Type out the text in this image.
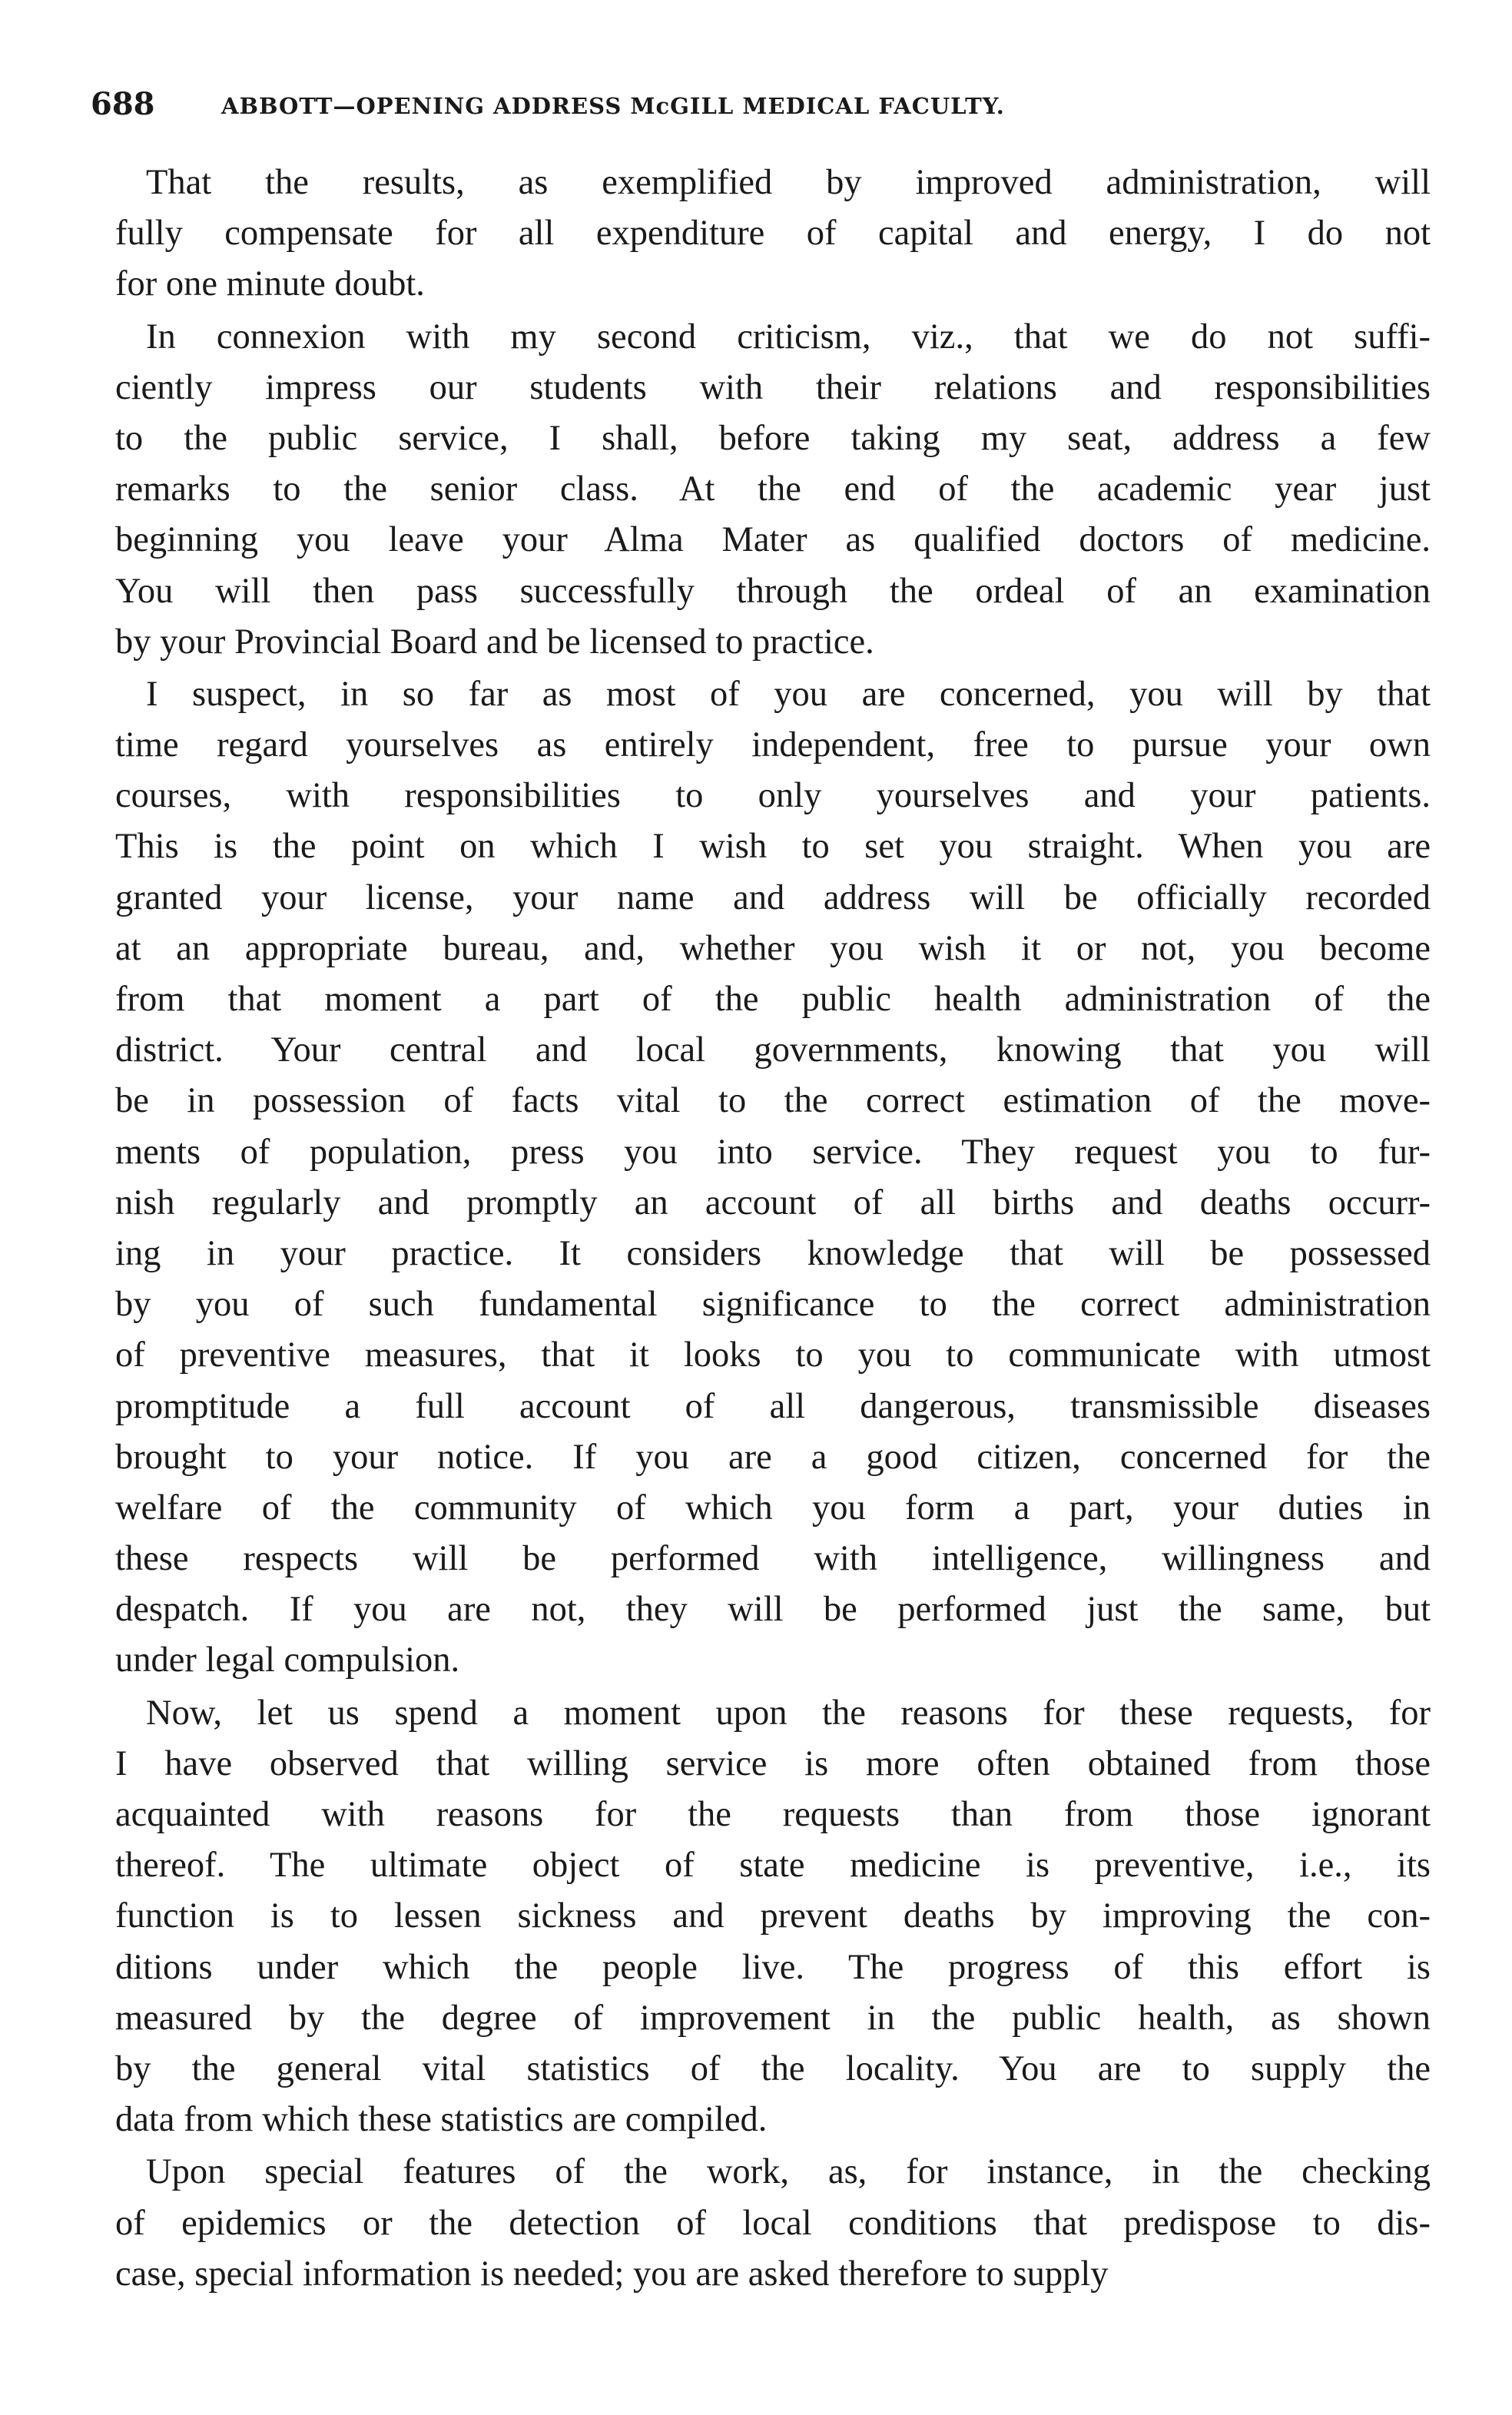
688	ABBOTT—OPENING ADDRESS McGILL MEDICAL FACULTY.
That the results, as exemplified by improved administration, will
fully compensate for all expenditure of capital and energy, I do not
for one minute doubt.
In connexion with my second criticism, viz., that we do not suffi-
ciently impress our students with their relations and responsibilities
to the public service, I shall, before taking my seat, address a few
remarks to the senior class. At the end of the academic year just
beginning you leave your Alma Mater as qualified doctors of medicine.
You will then pass successfully through the ordeal of an examination
by your Provincial Board and be licensed to practice.
I suspect, in so far as most of you are concerned, you will by that
time regard yourselves as entirely independent, free to pursue your own
courses, with responsibilities to only yourselves and your patients.
This is the point on which I wish to set you straight. When you are
granted your license, your name and address will be officially recorded
at an appropriate bureau, and, whether you wish it or not, you become
from that moment a part of the public health administration of the
district. Your central and local governments, knowing that you will
be in possession of facts vital to the correct estimation of the move-
ments of population, press you into service. They request you to fur-
nish regularly and promptly an account of all births and deaths occurr-
ing in your practice. It considers knowledge that will be possessed
by you of such fundamental significance to the correct administration
of preventive measures, that it looks to you to communicate with utmost
promptitude a full account of all dangerous, transmissible diseases
brought to your notice. If you are a good citizen, concerned for the
welfare of the community of which you form a part, your duties in
these respects will be performed with intelligence, willingness and
despatch. If you are not, they will be performed just the same, but
under legal compulsion.
Now, let us spend a moment upon the reasons for these requests, for
I have observed that willing service is more often obtained from those
acquainted with reasons for the requests than from those ignorant
thereof. The ultimate object of state medicine is preventive, i.e., its
function is to lessen sickness and prevent deaths by improving the con-
ditions under which the people live. The progress of this effort is
measured by the degree of improvement in the public health, as shown
by the general vital statistics of the locality. You are to supply the
data from which these statistics are compiled.
Upon special features of the work, as, for instance, in the checking
of epidemics or the detection of local conditions that predispose to dis-
case, special information is needed; you are asked therefore to supply
